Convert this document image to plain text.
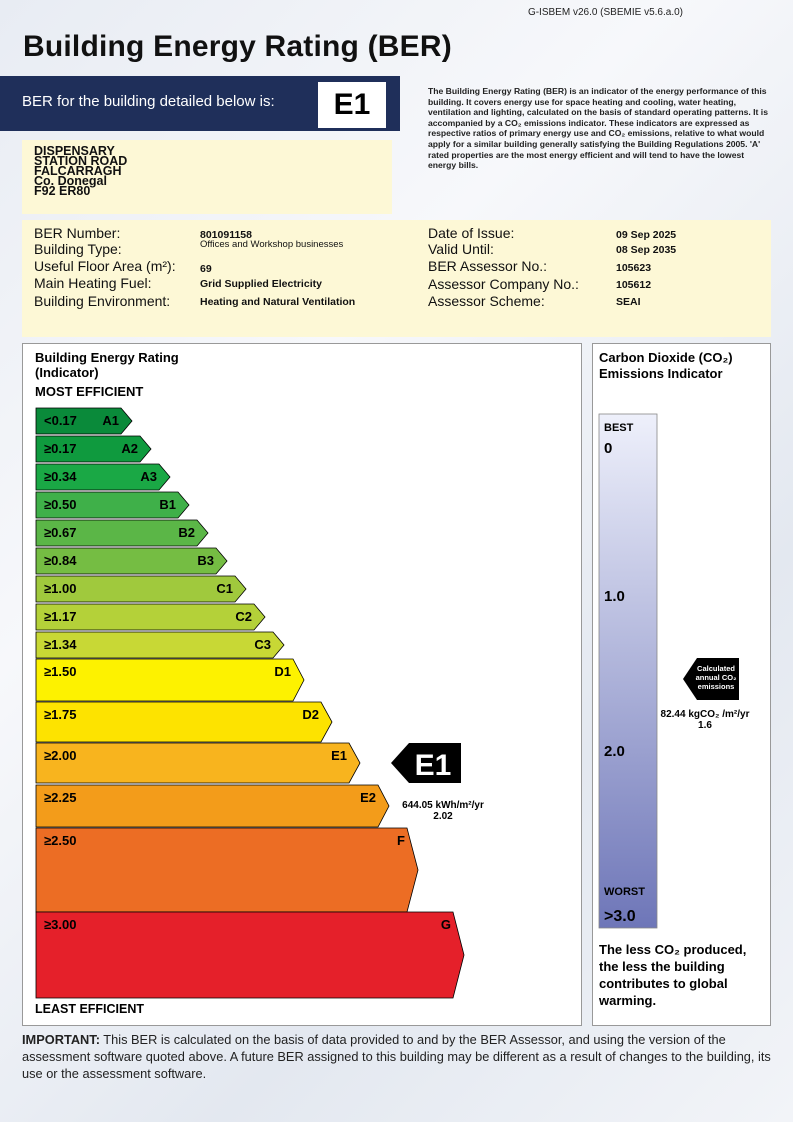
G-ISBEM v26.0 (SBEMIE v5.6.a.0)
Building Energy Rating (BER)
BER for the building detailed below is:	E1
DISPENSARY
STATION ROAD
FALCARRAGH
Co. Donegal
F92 ER80
The Building Energy Rating (BER) is an indicator of the energy performance of this building. It covers energy use for space heating and cooling, water heating, ventilation and lighting, calculated on the basis of standard operating patterns. It is accompanied by a CO₂ emissions indicator. These indicators are expressed as respective ratios of primary energy use and CO₂ emissions, relative to what would apply for a similar building generally satisfying the Building Regulations 2005. 'A' rated properties are the most energy efficient and will tend to have the lowest energy bills.
BER Number:	801091158
Building Type:	Offices and Workshop businesses
Useful Floor Area (m²): 69
Main Heating Fuel:	Grid Supplied Electricity
Building Environment:	Heating and Natural Ventilation
Date of Issue:	09 Sep 2025
Valid Until:	08 Sep 2035
BER Assessor No.:	105623
Assessor Company No.:	105612
Assessor Scheme:	SEAI
Building Energy Rating
(Indicator)
MOST EFFICIENT
<0.17 A1
≥0.17	A2
≥0.34	A3
≥0.50	B1
≥0.67	B2
≥0.84	B3
≥1.00	C1
≥1.17	C2
≥1.34	C3
≥1.50	D1
≥1.75	D2
≥2.00	E1
≥2.25	E2
≥2.50	F
≥3.00	G
E1
644.05 kWh/m²/yr
2.02
LEAST EFFICIENT
Carbon Dioxide (CO₂)
Emissions Indicator
BEST
WORST
0
1.0
2.0
>3.0
Calculated
annual CO₂
emissions
82.44 kgCO₂ /m²/yr
1.6
The less CO₂ produced, the less the building contributes to global warming.
IMPORTANT: This BER is calculated on the basis of data provided to and by the BER Assessor, and using the version of the assessment software quoted above. A future BER assigned to this building may be different as a result of changes to the building, its use or the assessment software.
